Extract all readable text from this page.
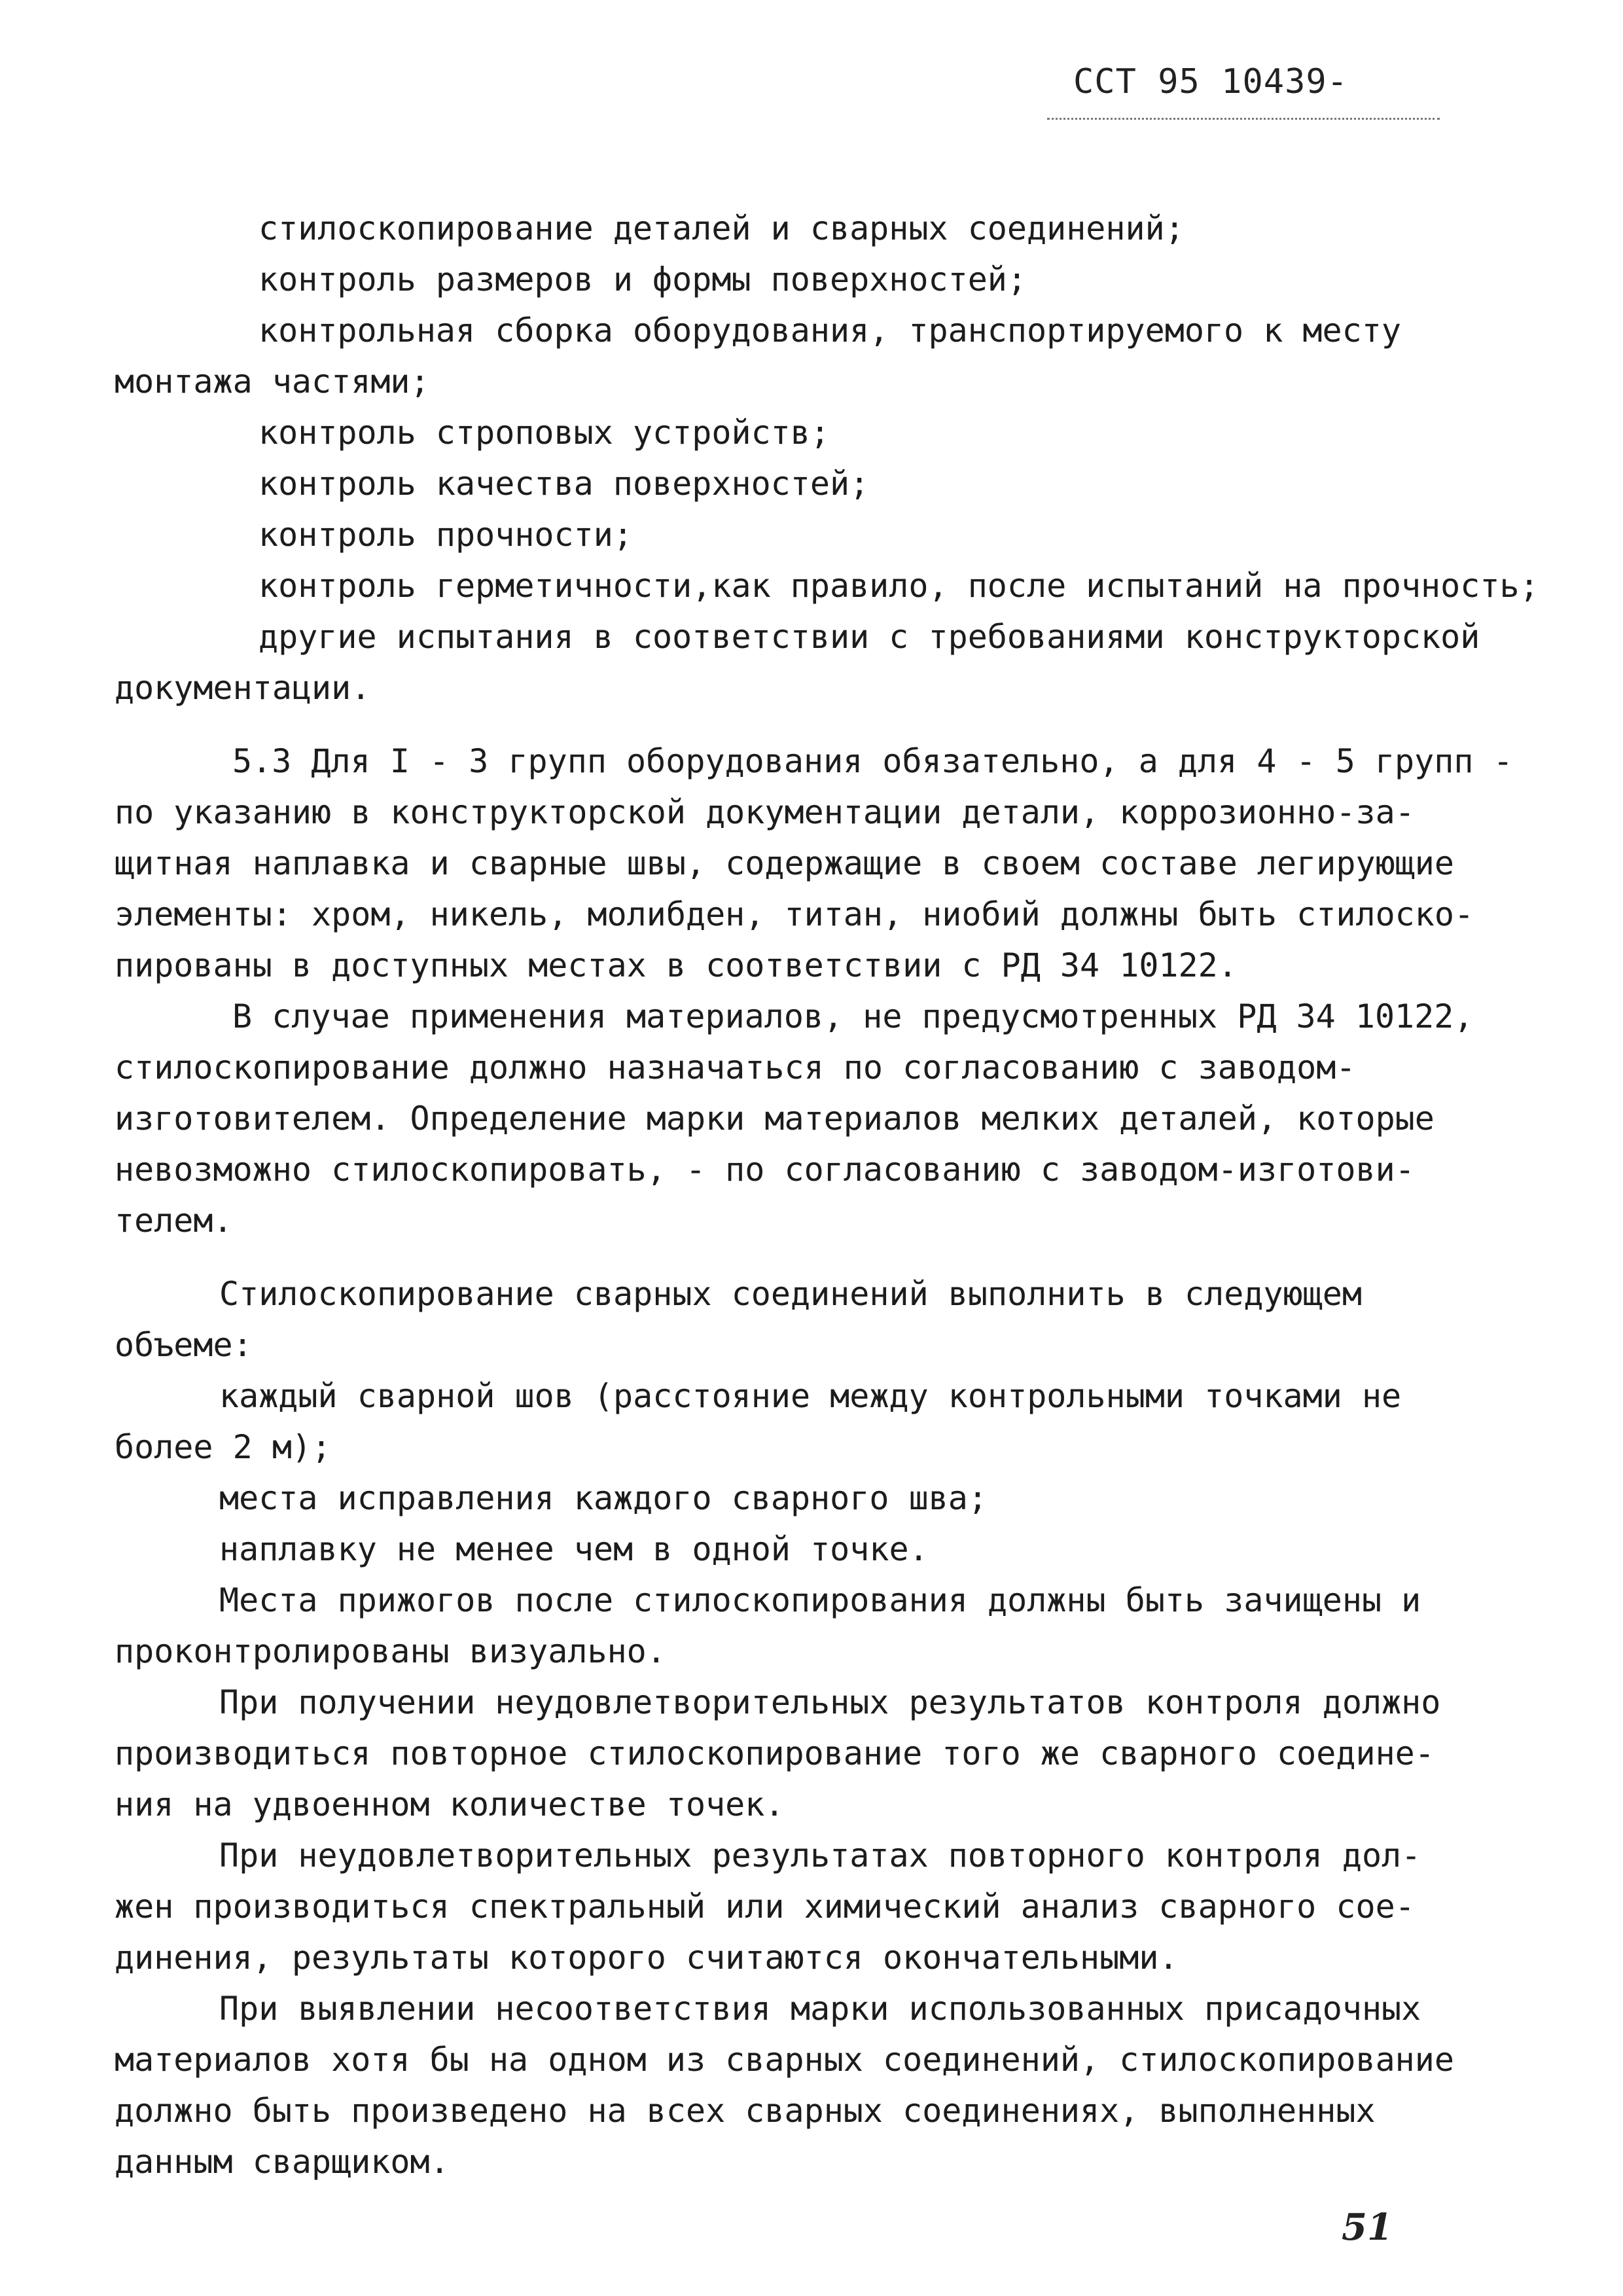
ССТ 95 10439-
стилоскопирование деталей и сварных соединений;
контроль размеров и формы поверхностей;
контрольная сборка оборудования, транспортируемого к месту
монтажа частями;
контроль строповых устройств;
контроль качества поверхностей;
контроль прочности;
контроль герметичности,как правило, после испытаний на прочность;
другие испытания в соответствии с требованиями конструкторской
документации.
5.3 Для I - 3 групп оборудования обязательно, а для 4 - 5 групп -
по указанию в конструкторской документации детали, коррозионно-за-
щитная наплавка и сварные швы, содержащие в своем составе легирующие
элементы: хром, никель, молибден, титан, ниобий должны быть стилоско-
пированы в доступных местах в соответствии с РД 34 10122.
В случае применения материалов, не предусмотренных РД 34 10122,
стилоскопирование должно назначаться по согласованию с заводом-
изготовителем. Определение марки материалов мелких деталей, которые
невозможно стилоскопировать, - по согласованию с заводом-изготови-
телем.
Стилоскопирование сварных соединений выполнить в следующем
объеме:
каждый сварной шов (расстояние между контрольными точками не
более 2 м);
места исправления каждого сварного шва;
наплавку не менее чем в одной точке.
Места прижогов после стилоскопирования должны быть зачищены и
проконтролированы визуально.
При получении неудовлетворительных результатов контроля должно
производиться повторное стилоскопирование того же сварного соедине-
ния на удвоенном количестве точек.
При неудовлетворительных результатах повторного контроля дол-
жен производиться спектральный или химический анализ сварного сое-
динения, результаты которого считаются окончательными.
При выявлении несоответствия марки использованных присадочных
материалов хотя бы на одном из сварных соединений, стилоскопирование
должно быть произведено на всех сварных соединениях, выполненных
данным сварщиком.
51
